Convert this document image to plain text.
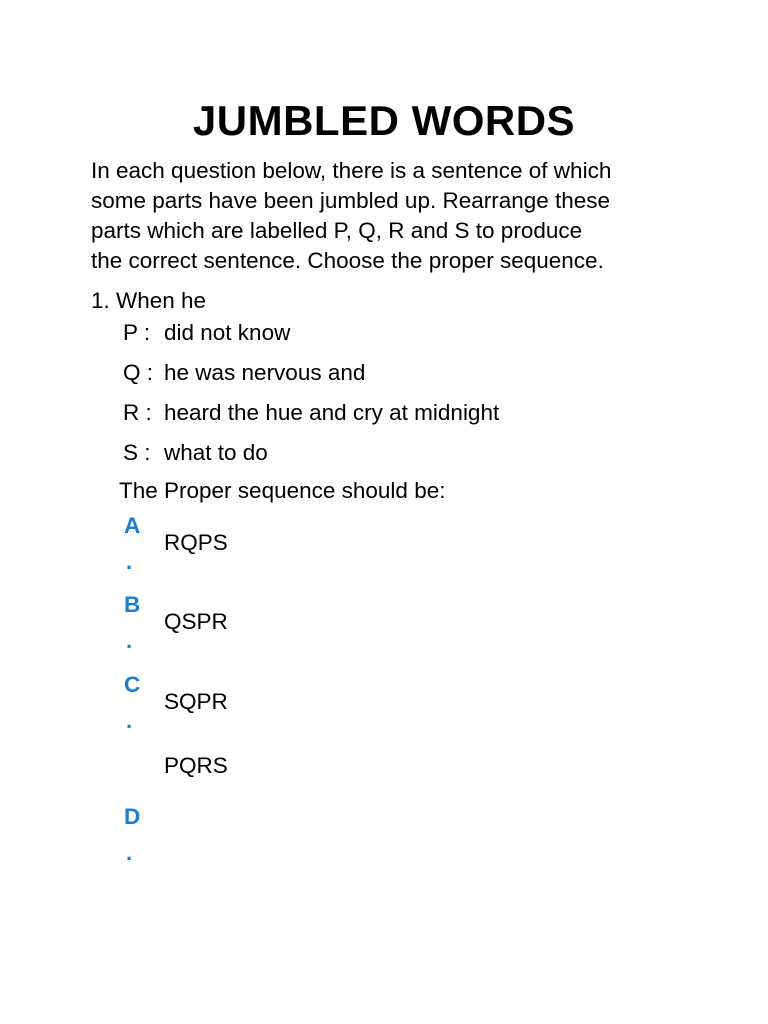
JUMBLED WORDS
In each question below, there is a sentence of which
some parts have been jumbled up. Rearrange these
parts which are labelled P, Q, R and S to produce
the correct sentence. Choose the proper sequence.
1. When he
P : did not know
Q : he was nervous and
R : heard the hue and cry at midnight
S : what to do
The Proper sequence should be:
A
.
RQPS
B
.
QSPR
C
.
SQPR
D
.
PQRS
